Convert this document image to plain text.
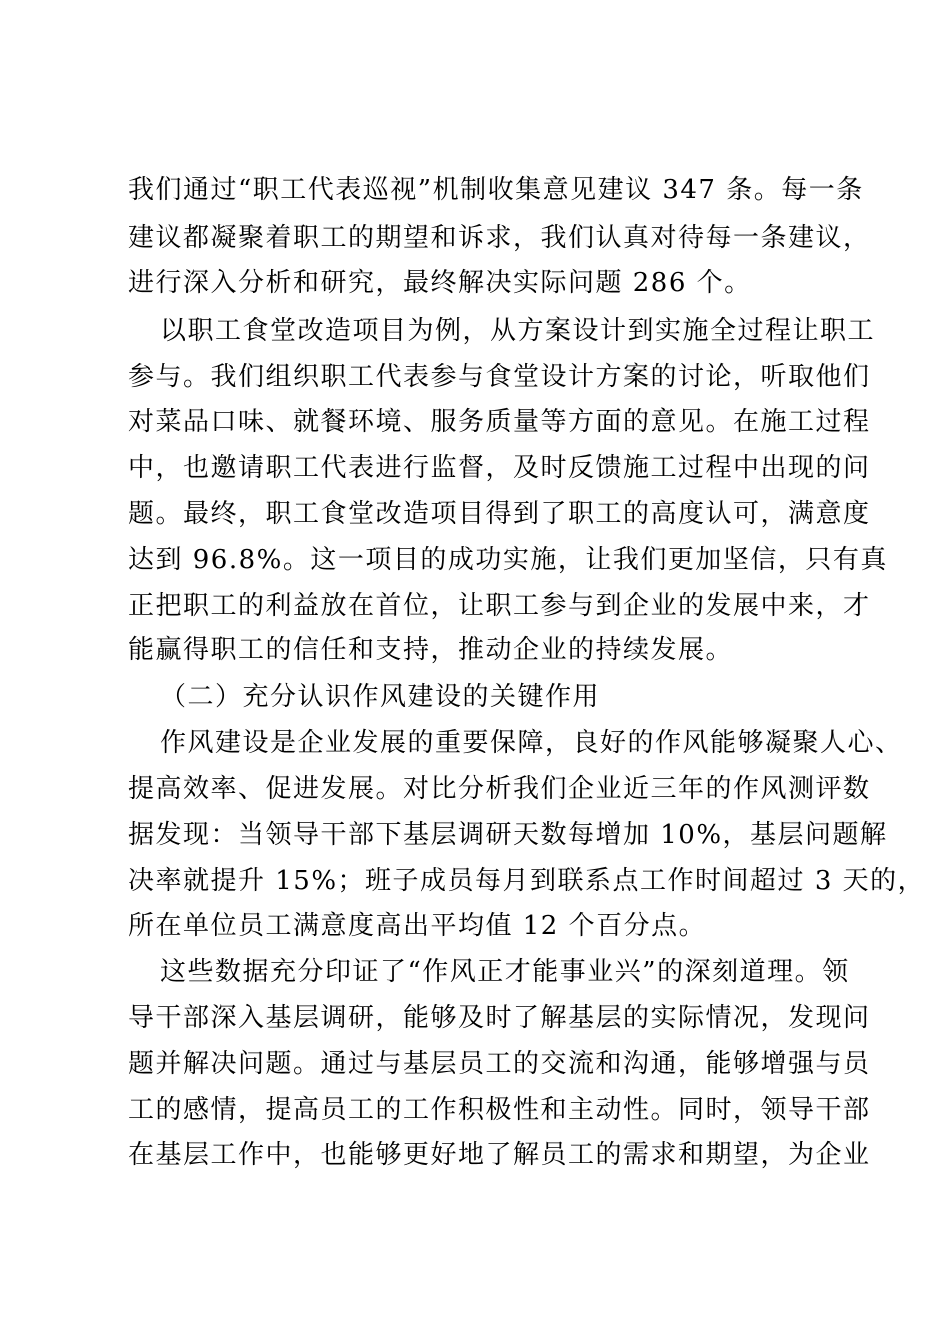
我们通过“职工代表巡视”机制收集意见建议 347 条。每一条
建议都凝聚着职工的期望和诉求，我们认真对待每一条建议，
进行深入分析和研究，最终解决实际问题 286 个。
以职工食堂改造项目为例，从方案设计到实施全过程让职工
参与。我们组织职工代表参与食堂设计方案的讨论，听取他们
对菜品口味、就餐环境、服务质量等方面的意见。在施工过程
中，也邀请职工代表进行监督，及时反馈施工过程中出现的问
题。最终，职工食堂改造项目得到了职工的高度认可，满意度
达到 96.8%。这一项目的成功实施，让我们更加坚信，只有真
正把职工的利益放在首位，让职工参与到企业的发展中来，才
能赢得职工的信任和支持，推动企业的持续发展。
（二）充分认识作风建设的关键作用
作风建设是企业发展的重要保障，良好的作风能够凝聚人心、
提高效率、促进发展。对比分析我们企业近三年的作风测评数
据发现：当领导干部下基层调研天数每增加 10%，基层问题解
决率就提升 15%；班子成员每月到联系点工作时间超过 3 天的，
所在单位员工满意度高出平均值 12 个百分点。
这些数据充分印证了“作风正才能事业兴”的深刻道理。领
导干部深入基层调研，能够及时了解基层的实际情况，发现问
题并解决问题。通过与基层员工的交流和沟通，能够增强与员
工的感情，提高员工的工作积极性和主动性。同时，领导干部
在基层工作中，也能够更好地了解员工的需求和期望，为企业
